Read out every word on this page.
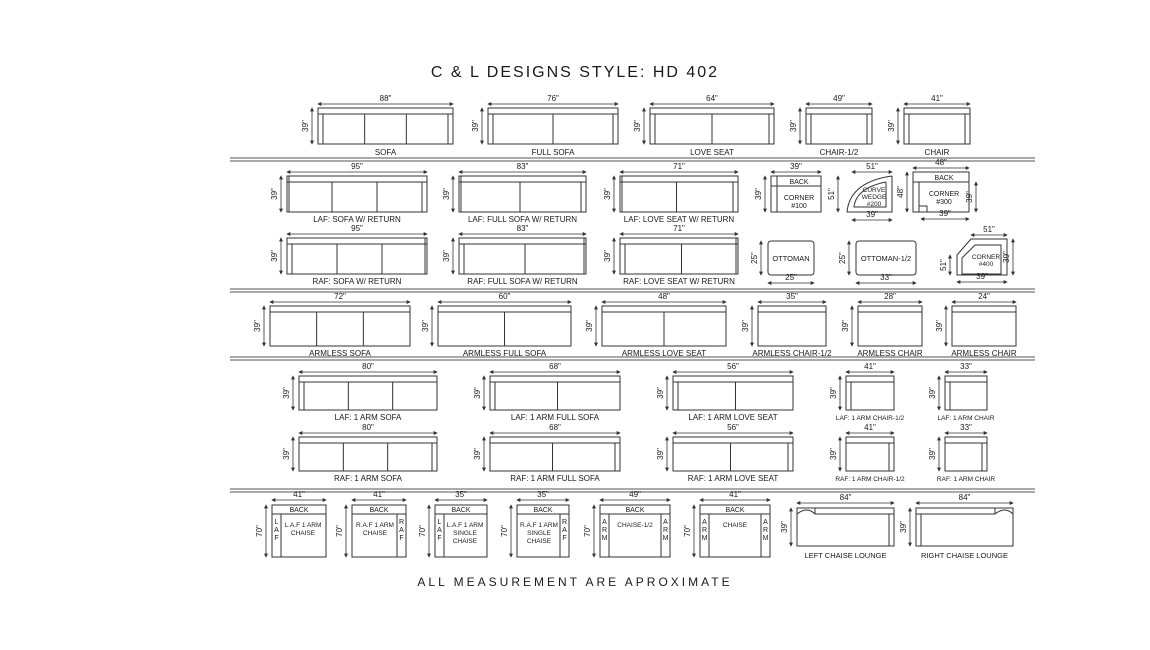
C & L DESIGNS STYLE: HD 402
88"
39"
SOFA
76"
39"
FULL SOFA
64"
39"
LOVE SEAT
49"
39"
CHAIR-1/2
41"
39"
CHAIR
95"
39"
LAF: SOFA W/ RETURN
83"
39"
LAF: FULL SOFA W/ RETURN
71"
39"
LAF: LOVE SEAT W/ RETURN
BACK
CORNER
#100
39"
39"	CURVE
WEDGE
#200
51"
51"
39"
BACK
CORNER
#300
48"
48"	39"
39"
95"
39"
RAF: SOFA W/ RETURN
83"
39"
RAF: FULL SOFA W/ RETURN
71"
39"
RAF: LOVE SEAT W/ RETURN
OTTOMAN
25"
25"
OTTOMAN-1/2
25"
33"
CORNER
#400
51"
51"
39"
39"
72"
39"
ARMLESS SOFA
60"
39"
ARMLESS FULL SOFA
48"
39"
ARMLESS LOVE SEAT
35"
39"
ARMLESS CHAIR-1/2
28"
39"
ARMLESS CHAIR
24"
39"
ARMLESS CHAIR
80"
39"
LAF: 1 ARM SOFA
68"
39"
LAF: 1 ARM FULL SOFA
56"
39"
LAF: 1 ARM LOVE SEAT
41"
39"
LAF: 1 ARM CHAIR-1/2
33"
39"
LAF: 1 ARM CHAIR
80"
39"
RAF: 1 ARM SOFA
68"
39"
RAF: 1 ARM FULL SOFA
56"
39"
RAF: 1 ARM LOVE SEAT
41"
39"
RAF: 1 ARM CHAIR-1/2
33"
39"
RAF: 1 ARM CHAIR
BACK
L
A
F
L.A.F 1 ARM
CHAISE
41"
70"
BACK
R
A
F
R.A.F 1 ARM
CHAISE
41"
70"
BACK
L
A
F
L.A.F 1 ARM
SINGLE
CHAISE
35"
70"
BACK
R
A
F
R.A.F 1 ARM
SINGLE
CHAISE
35"
70"
BACK
A
R
M
A
R
M
CHAISE-1/2
49"
70"
BACK
A
R
M
A
R
M
CHAISE
41"
70"
84"
39"
LEFT CHAISE LOUNGE
84"
39"
RIGHT CHAISE LOUNGE
ALL MEASUREMENT ARE APROXIMATE
